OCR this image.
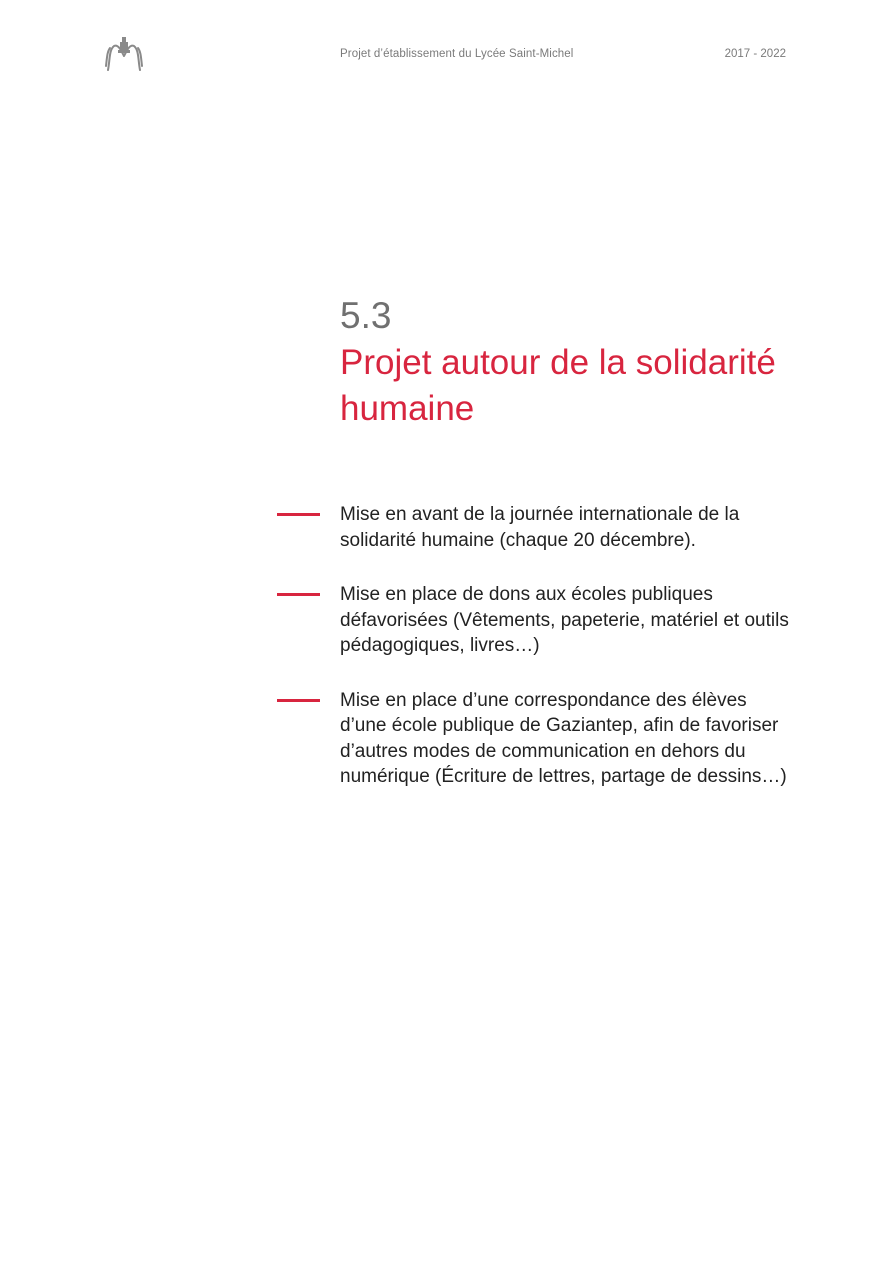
Projet d’établissement du Lycée Saint-Michel	2017 - 2022
5.3
Projet autour de la solidarité humaine
Mise en avant de la journée internationale de la solidarité humaine (chaque 20 décembre).
Mise en place de dons aux écoles publiques défavorisées (Vêtements, papeterie, matériel et outils pédagogiques, livres…)
Mise en place d’une correspondance des élèves d’une école publique de Gaziantep, afin de favoriser d’autres modes de communication en dehors du numérique (Écriture de lettres, partage de dessins…)
